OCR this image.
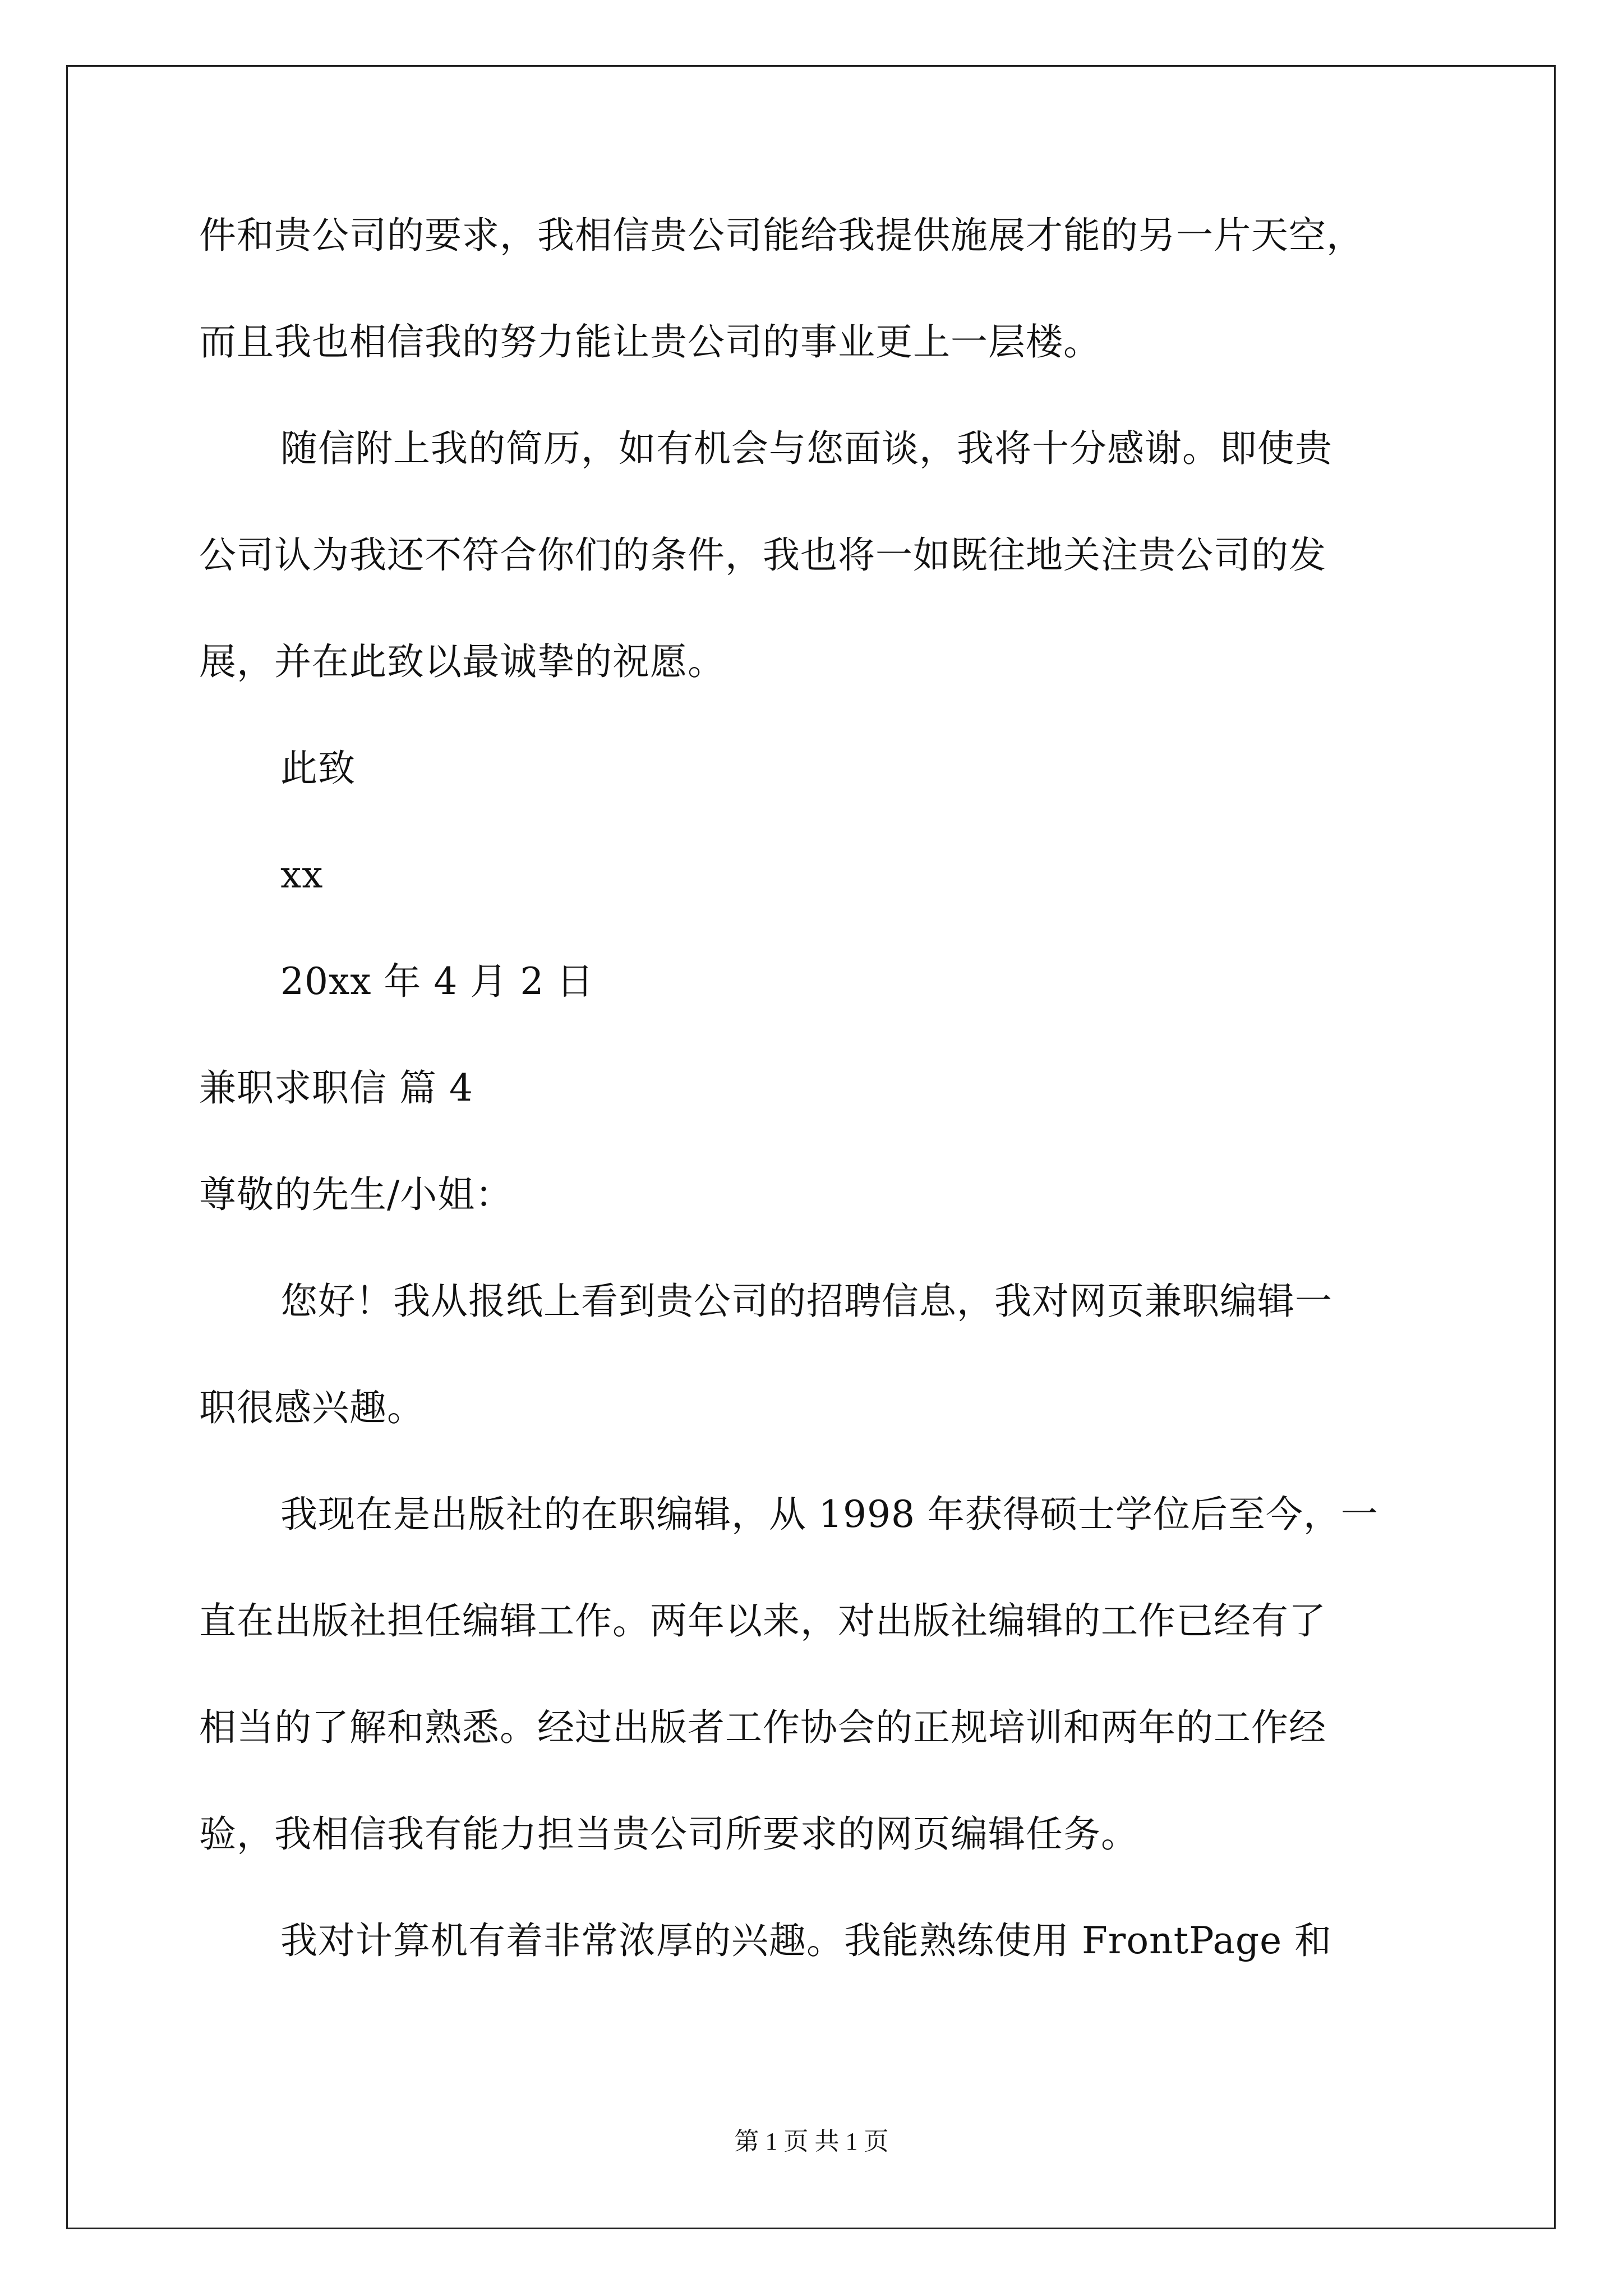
件和贵公司的要求，我相信贵公司能给我提供施展才能的另一片天空，
而且我也相信我的努力能让贵公司的事业更上一层楼。
随信附上我的简历，如有机会与您面谈，我将十分感谢。即使贵
公司认为我还不符合你们的条件，我也将一如既往地关注贵公司的发
展，并在此致以最诚挚的祝愿。
此致
xx
20xx 年 4 月 2 日
兼职求职信 篇 4
尊敬的先生/小姐：
您好！我从报纸上看到贵公司的招聘信息，我对网页兼职编辑一
职很感兴趣。
我现在是出版社的在职编辑，从 1998 年获得硕士学位后至今，一
直在出版社担任编辑工作。两年以来，对出版社编辑的工作已经有了
相当的了解和熟悉。经过出版者工作协会的正规培训和两年的工作经
验，我相信我有能力担当贵公司所要求的网页编辑任务。
我对计算机有着非常浓厚的兴趣。我能熟练使用 FrontPage 和
第 1 页 共 1 页
